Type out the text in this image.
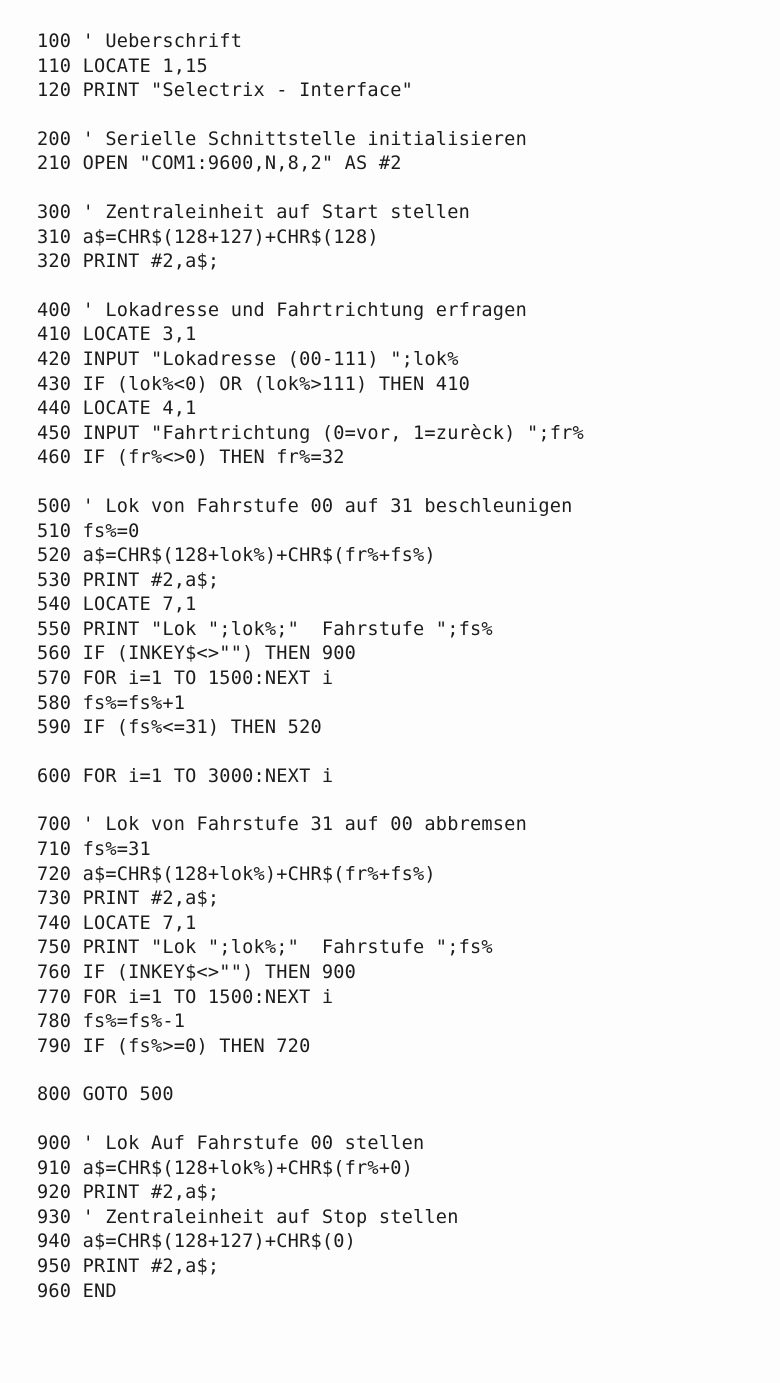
100 ' Ueberschrift
110 LOCATE 1,15
120 PRINT "Selectrix - Interface"
200 ' Serielle Schnittstelle initialisieren
210 OPEN "COM1:9600,N,8,2" AS #2
300 ' Zentraleinheit auf Start stellen
310 a$=CHR$(128+127)+CHR$(128)
320 PRINT #2,a$;
400 ' Lokadresse und Fahrtrichtung erfragen
410 LOCATE 3,1
420 INPUT "Lokadresse (00-111) ";lok%
430 IF (lok%<0) OR (lok%>111) THEN 410
440 LOCATE 4,1
450 INPUT "Fahrtrichtung (0=vor, 1=zurèck) ";fr%
460 IF (fr%<>0) THEN fr%=32
500 ' Lok von Fahrstufe 00 auf 31 beschleunigen
510 fs%=0
520 a$=CHR$(128+lok%)+CHR$(fr%+fs%)
530 PRINT #2,a$;
540 LOCATE 7,1
550 PRINT "Lok ";lok%;"  Fahrstufe ";fs%
560 IF (INKEY$<>"") THEN 900
570 FOR i=1 TO 1500:NEXT i
580 fs%=fs%+1
590 IF (fs%<=31) THEN 520
600 FOR i=1 TO 3000:NEXT i
700 ' Lok von Fahrstufe 31 auf 00 abbremsen
710 fs%=31
720 a$=CHR$(128+lok%)+CHR$(fr%+fs%)
730 PRINT #2,a$;
740 LOCATE 7,1
750 PRINT "Lok ";lok%;"  Fahrstufe ";fs%
760 IF (INKEY$<>"") THEN 900
770 FOR i=1 TO 1500:NEXT i
780 fs%=fs%-1
790 IF (fs%>=0) THEN 720
800 GOTO 500
900 ' Lok Auf Fahrstufe 00 stellen
910 a$=CHR$(128+lok%)+CHR$(fr%+0)
920 PRINT #2,a$;
930 ' Zentraleinheit auf Stop stellen
940 a$=CHR$(128+127)+CHR$(0)
950 PRINT #2,a$;
960 END
